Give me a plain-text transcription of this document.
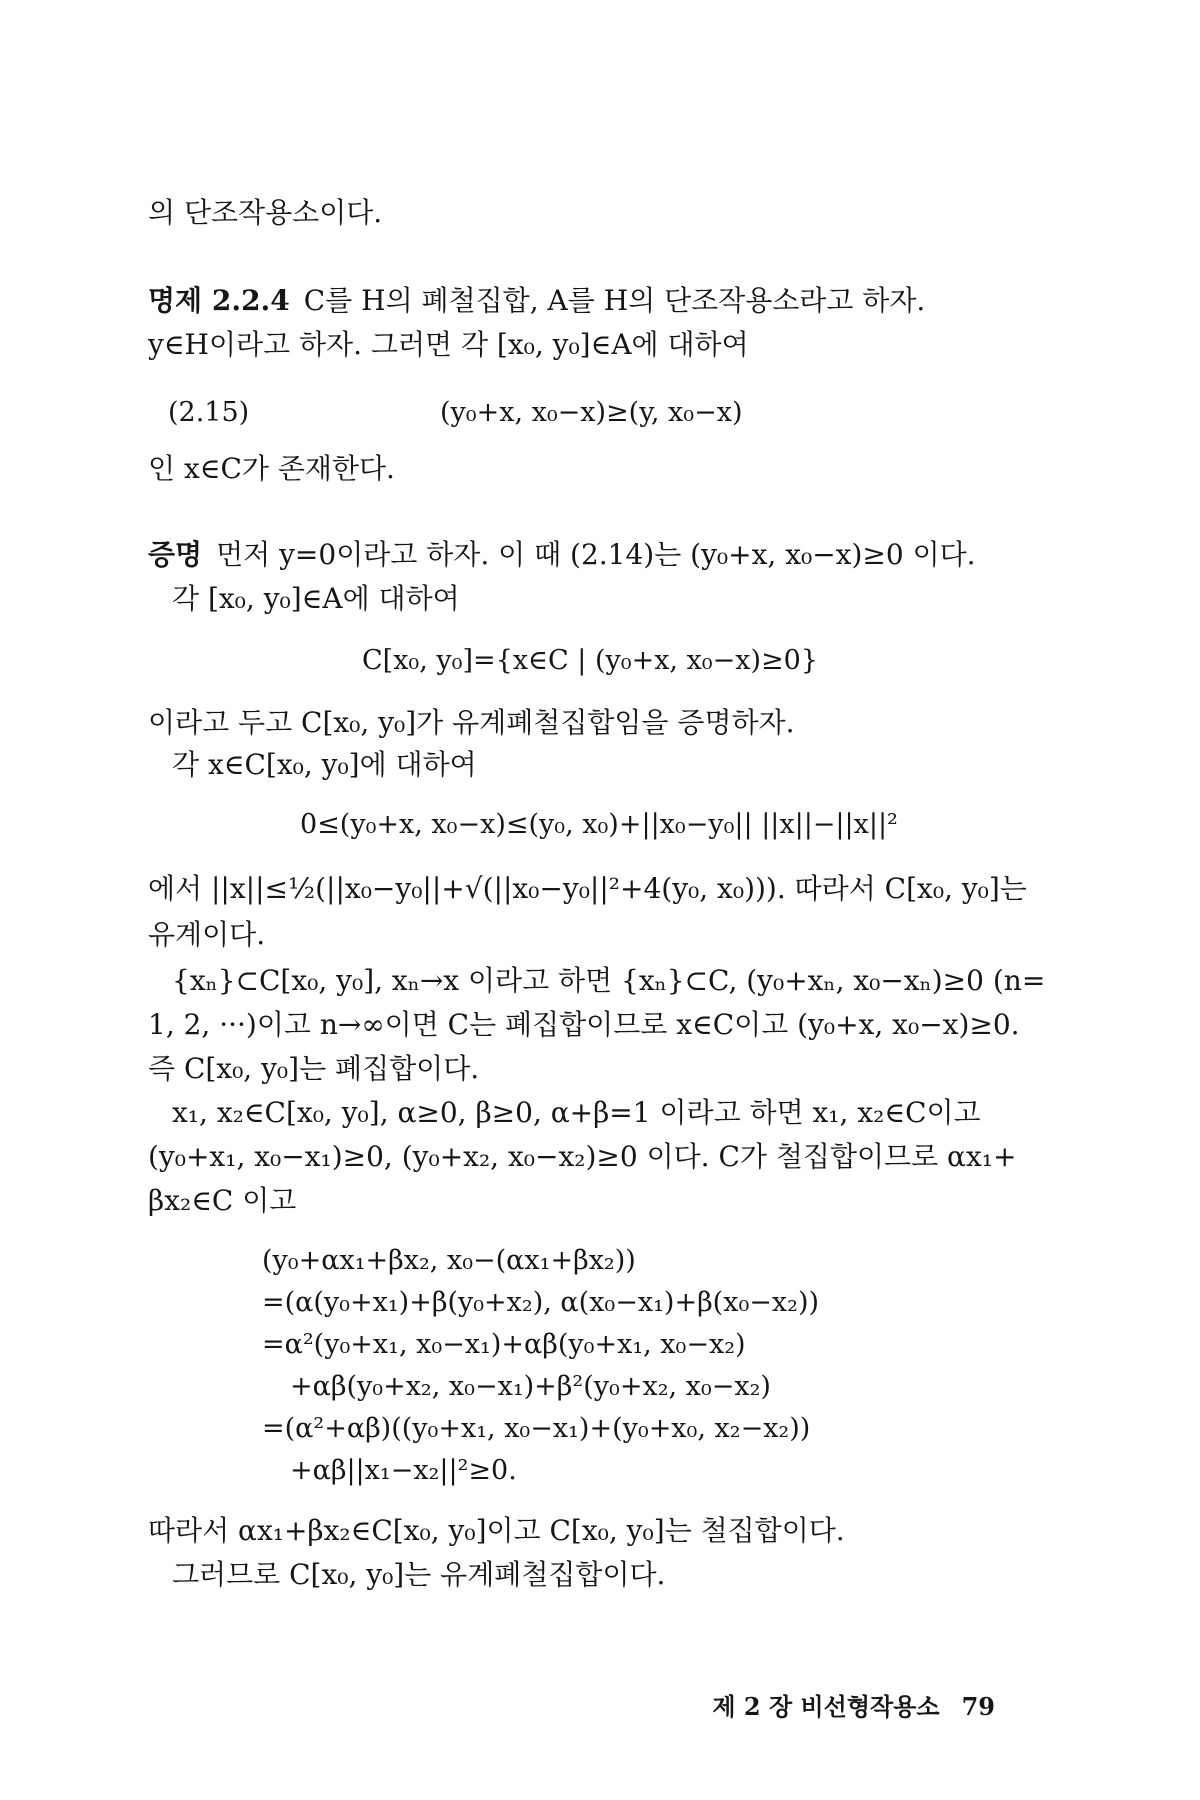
의 단조작용소이다.
명제 2.2.4 C를 H의 폐철집합, A를 H의 단조작용소라고 하자.
y∈H이라고 하자. 그러면 각 [x₀, y₀]∈A에 대하여
(2.15)	(y₀+x, x₀−x)≥(y, x₀−x)
인 x∈C가 존재한다.
증명 먼저 y=0이라고 하자. 이 때 (2.14)는 (y₀+x, x₀−x)≥0 이다.
각 [x₀, y₀]∈A에 대하여
C[x₀, y₀]={x∈C | (y₀+x, x₀−x)≥0}
이라고 두고 C[x₀, y₀]가 유계폐철집합임을 증명하자.
각 x∈C[x₀, y₀]에 대하여
0≤(y₀+x, x₀−x)≤(y₀, x₀)+||x₀−y₀|| ||x||−||x||²
에서 ||x||≤½(||x₀−y₀||+√(||x₀−y₀||²+4(y₀, x₀))). 따라서 C[x₀, y₀]는
유계이다.
{xₙ}⊂C[x₀, y₀], xₙ→x 이라고 하면 {xₙ}⊂C, (y₀+xₙ, x₀−xₙ)≥0 (n=
1, 2, ···)이고 n→∞이면 C는 폐집합이므로 x∈C이고 (y₀+x, x₀−x)≥0.
즉 C[x₀, y₀]는 폐집합이다.
x₁, x₂∈C[x₀, y₀], α≥0, β≥0, α+β=1 이라고 하면 x₁, x₂∈C이고
(y₀+x₁, x₀−x₁)≥0, (y₀+x₂, x₀−x₂)≥0 이다. C가 철집합이므로 αx₁+
βx₂∈C 이고
(y₀+αx₁+βx₂, x₀−(αx₁+βx₂))
=(α(y₀+x₁)+β(y₀+x₂), α(x₀−x₁)+β(x₀−x₂))
=α²(y₀+x₁, x₀−x₁)+αβ(y₀+x₁, x₀−x₂)
+αβ(y₀+x₂, x₀−x₁)+β²(y₀+x₂, x₀−x₂)
=(α²+αβ)((y₀+x₁, x₀−x₁)+(y₀+x₀, x₂−x₂))
+αβ||x₁−x₂||²≥0.
따라서 αx₁+βx₂∈C[x₀, y₀]이고 C[x₀, y₀]는 철집합이다.
그러므로 C[x₀, y₀]는 유계폐철집합이다.
제 2 장 비선형작용소 79
